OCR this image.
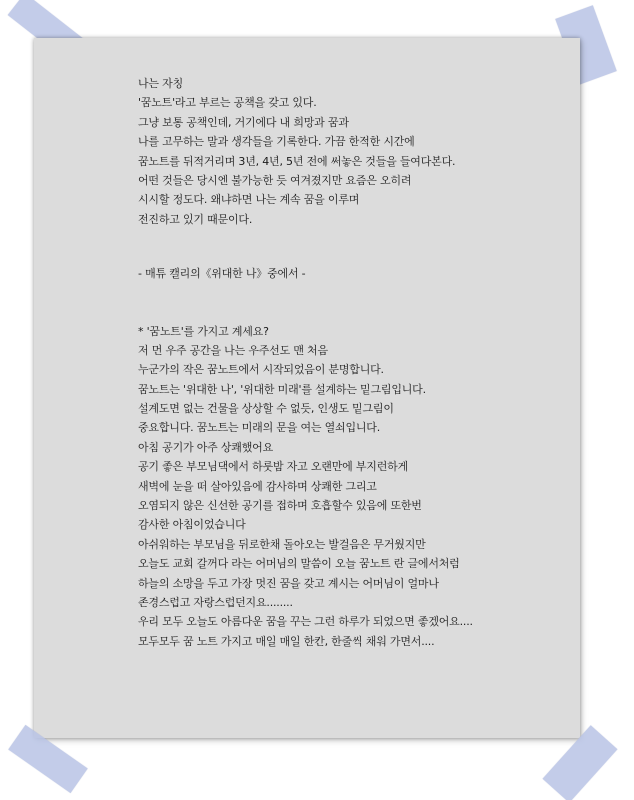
나는 자칭
'꿈노트'라고 부르는 공책을 갖고 있다.
그냥 보통 공책인데, 거기에다 내 희망과 꿈과
나를 고무하는 말과 생각들을 기록한다. 가끔 한적한 시간에
꿈노트를 뒤적거리며 3년, 4년, 5년 전에 써놓은 것들을 들여다본다.
어떤 것들은 당시엔 불가능한 듯 여겨졌지만 요즘은 오히려
시시할 정도다. 왜냐하면 나는 계속 꿈을 이루며
전진하고 있기 때문이다.
- 매튜 캘리의《위대한 나》중에서 -
* '꿈노트'를 가지고 계세요?
저 먼 우주 공간을 나는 우주선도 맨 처음
누군가의 작은 꿈노트에서 시작되었음이 분명합니다.
꿈노트는 '위대한 나', '위대한 미래'를 설계하는 밑그림입니다.
설계도면 없는 건물을 상상할 수 없듯, 인생도 밑그림이
중요합니다. 꿈노트는 미래의 문을 여는 열쇠입니다.
아침 공기가 아주 상쾌했어요
공기 좋은 부모님댁에서 하룻밤 자고 오랜만에 부지런하게
새벽에 눈을 떠 살아있음에 감사하며 상쾌한 그리고
오염되지 않은 신선한 공기를 접하며 호흡할수 있음에 또한번
감사한 아침이었습니다
아쉬워하는 부모님을 뒤로한채 돌아오는 발걸음은 무거웠지만
오늘도 교회 갈꺼다 라는 어머님의 말씀이 오늘 꿈노트 란 글에서처럼
하늘의 소망을 두고 가장 멋진 꿈을 갖고 계시는 어머님이 얼마나
존경스럽고 자랑스럽던지요........
우리 모두 오늘도 아름다운 꿈을 꾸는 그런 하루가 되었으면 좋겠어요....
모두모두 꿈 노트 가지고 매일 매일 한칸, 한줄씩 채워 가면서....
